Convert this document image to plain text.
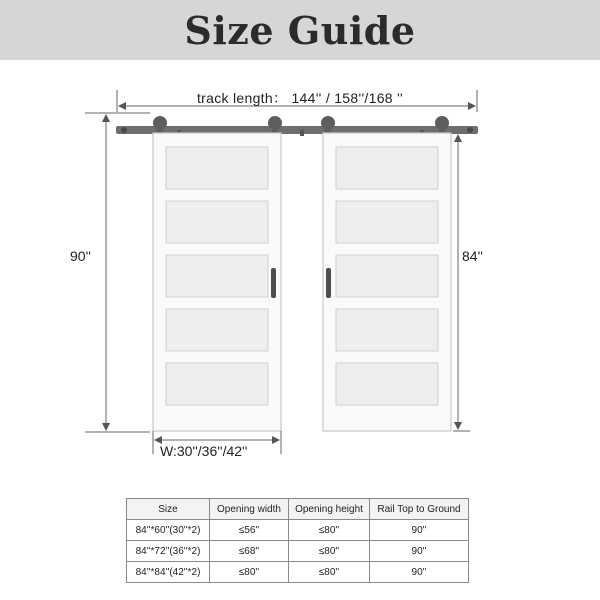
Size Guide
track length： 144'' / 158''/168 ''
90''	84''
W:30''/36''/42''
Size	Opening width	Opening height	Rail Top to Ground
84''*60''(30''*2)	≤56''	≤80''	90''
84''*72''(36''*2)	≤68''	≤80''	90''
84''*84''(42''*2)	≤80''	≤80''	90''
